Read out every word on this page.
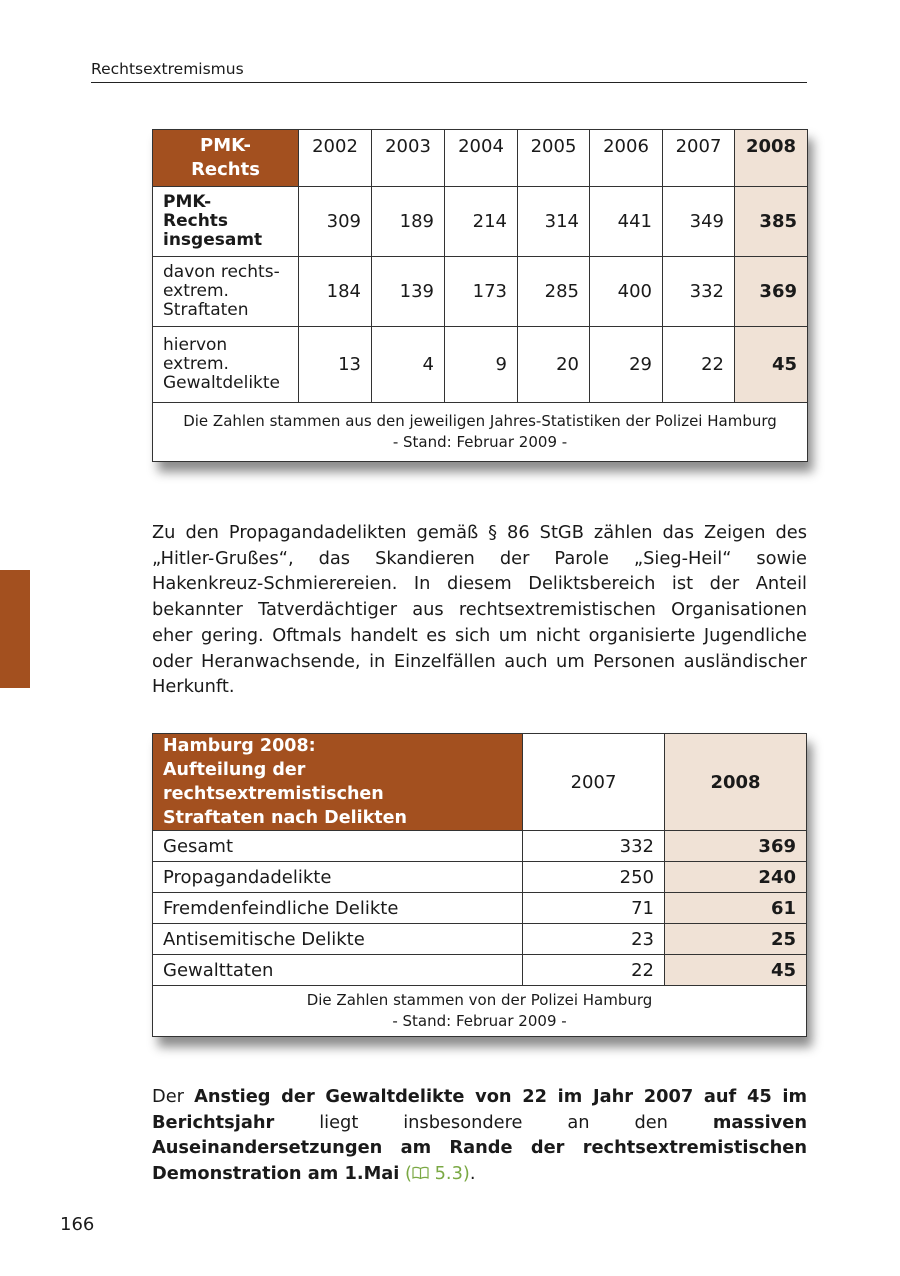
Rechtsextremismus
PMK-
Rechts	2002	2003	2004	2005	2006	2007	2008
PMK-
Rechts
insgesamt	309	189	214	314	441	349	385
davon rechts-
extrem.
Straftaten	184	139	173	285	400	332	369
hiervon
extrem.
Gewaltdelikte	13	4	9	20	29	22	45
Die Zahlen stammen aus den jeweiligen Jahres-Statistiken der Polizei Hamburg
- Stand: Februar 2009 -							

Zu den Propagandadelikten gemäß § 86 StGB zählen das Zeigen des „Hitler-Grußes“, das Skandieren der Parole „Sieg-Heil“ sowie Hakenkreuz-Schmierereien. In diesem Deliktsbereich ist der Anteil bekannter Tatverdächtiger aus rechtsextremistischen Organisationen eher gering. Oftmals handelt es sich um nicht organisierte Jugendliche oder Heranwachsende, in Einzelfällen auch um Personen ausländischer Herkunft.

Hamburg 2008:
Aufteilung der rechtsextremistischen
Straftaten nach Delikten	2007	2008
Gesamt	332	369
Propagandadelikte	250	240
Fremdenfeindliche Delikte	71	61
Antisemitische Delikte	23	25
Gewalttaten	22	45
Die Zahlen stammen von der Polizei Hamburg
- Stand: Februar 2009 -		

Der Anstieg der Gewaltdelikte von 22 im Jahr 2007 auf 45 im Berichtsjahr liegt insbesondere an den massiven Auseinandersetzungen am Rande der rechtsextremistischen Demonstration am 1.Mai ( 5.3).

166
